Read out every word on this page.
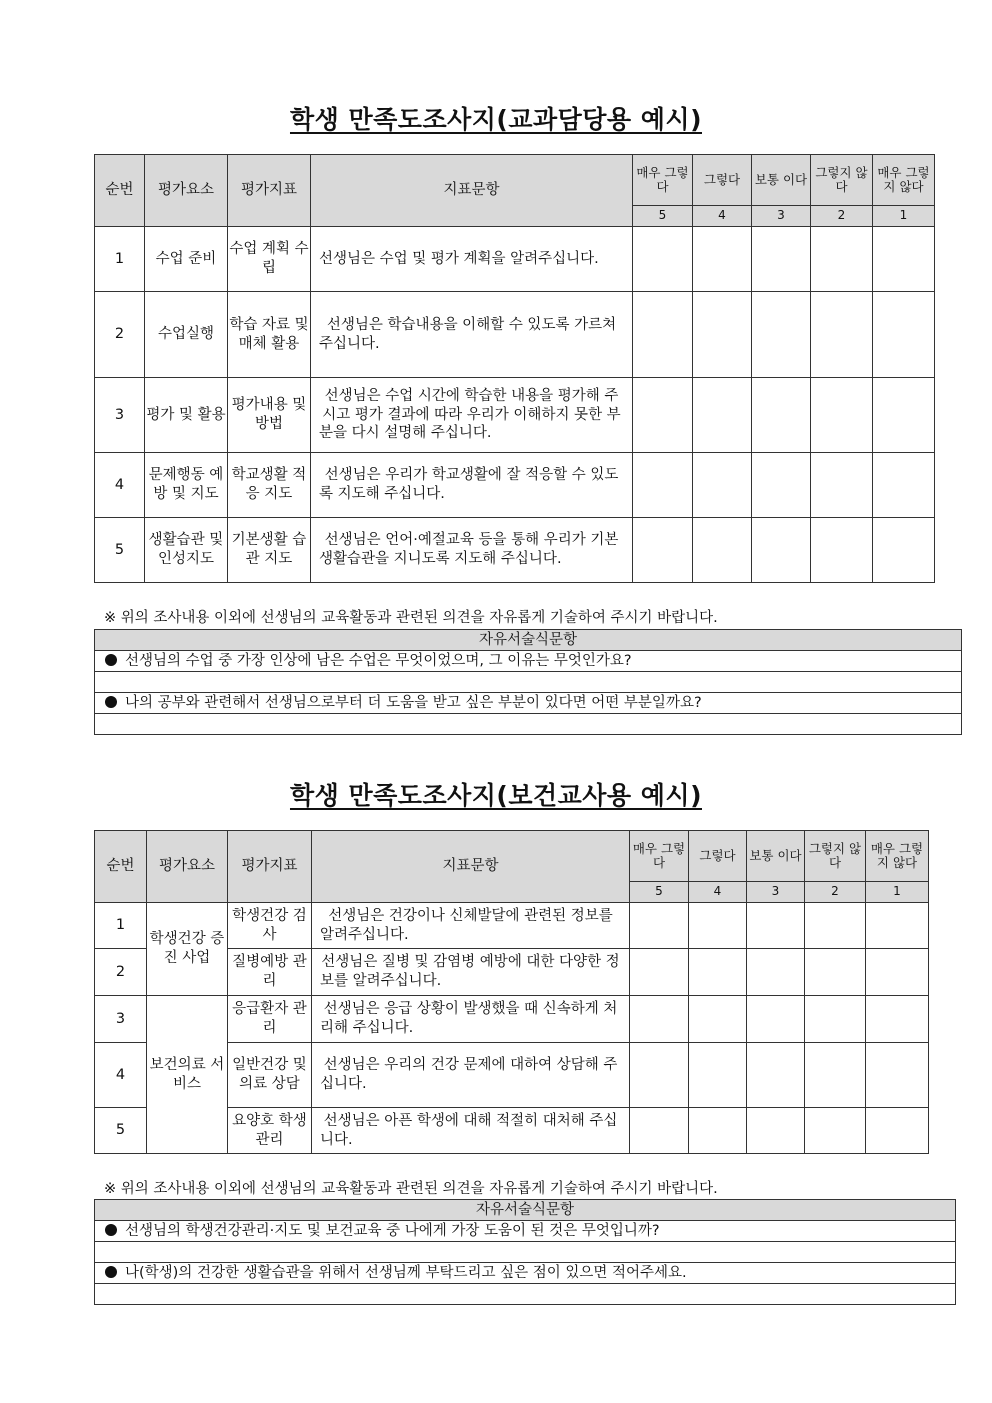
학생 만족도조사지(교과담당용 예시)
순번	평가요소	평가지표	지표문항	매우 그렇다	그렇다	보통 이다	그렇지 않다	매우 그렇지 않다
				5	4	3	2	1
1	수업 준비	수업 계획 수립	선생님은 수업 및 평가 계획을 알려주십니다.					
2	수업실행	학습 자료 및 매체 활용	선생님은 학습내용을 이해할 수 있도록 가르쳐 주십니다.					
3	평가 및 활용	평가내용 및 방법	선생님은 수업 시간에 학습한 내용을 평가해 주시고 평가 결과에 따라 우리가 이해하지 못한 부분을 다시 설명해 주십니다.					
4	문제행동 예방 및 지도	학교생활 적응 지도	선생님은 우리가 학교생활에 잘 적응할 수 있도록 지도해 주십니다.					
5	생활습관 및 인성지도	기본생활 습관 지도	선생님은 언어·예절교육 등을 통해 우리가 기본생활습관을 지니도록 지도해 주십니다.					
※ 위의 조사내용 이외에 선생님의 교육활동과 관련된 의견을 자유롭게 기술하여 주시기 바랍니다.
자유서술식문항
선생님의 수업 중 가장 인상에 남은 수업은 무엇이었으며, 그 이유는 무엇인가요?

나의 공부와 관련해서 선생님으로부터 더 도움을 받고 싶은 부분이 있다면 어떤 부분일까요?

학생 만족도조사지(보건교사용 예시)
순번	평가요소	평가지표	지표문항	매우 그렇다	그렇다	보통 이다	그렇지 않다	매우 그렇지 않다
				5	4	3	2	1
1	학생건강 증진 사업	학생건강 검사	선생님은 건강이나 신체발달에 관련된 정보를 알려주십니다.					
2		질병예방 관리	선생님은 질병 및 감염병 예방에 대한 다양한 정보를 알려주십니다.					
3	보건의료 서비스	응급환자 관리	선생님은 응급 상황이 발생했을 때 신속하게 처리해 주십니다.					
4		일반건강 및 의료 상담	선생님은 우리의 건강 문제에 대하여 상담해 주십니다.					
5		요양호 학생관리	선생님은 아픈 학생에 대해 적절히 대처해 주십니다.					
※ 위의 조사내용 이외에 선생님의 교육활동과 관련된 의견을 자유롭게 기술하여 주시기 바랍니다.
자유서술식문항
선생님의 학생건강관리·지도 및 보건교육 중 나에게 가장 도움이 된 것은 무엇입니까?

나(학생)의 건강한 생활습관을 위해서 선생님께 부탁드리고 싶은 점이 있으면 적어주세요.
